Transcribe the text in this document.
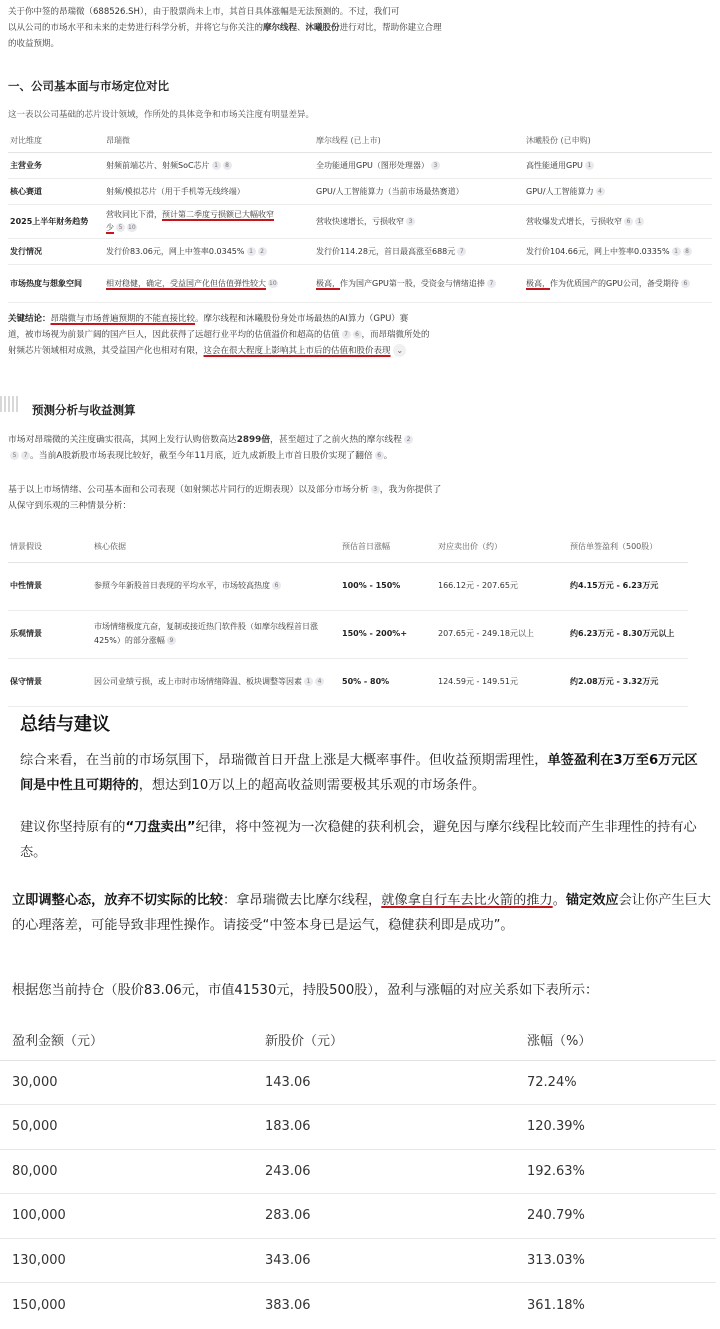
关于你中签的昂瑞微（688526.SH），由于股票尚未上市，其首日具体涨幅是无法预测的。不过，我们可
以从公司的市场水平和未来的走势进行科学分析，并将它与你关注的摩尔线程、沐曦股份进行对比，帮助你建立合理
的收益预期。

一、公司基本面与市场定位对比

这一表以公司基础的芯片设计领域，作所处的具体竞争和市场关注度有明显差异。

对比维度	昂瑞微	摩尔线程 (已上市)	沐曦股份 (已申购)
主营业务	射频前端芯片、射频SoC芯片 1 8	全功能通用GPU（图形处理器） 3	高性能通用GPU 1
核心赛道	射频/模拟芯片（用于手机等无线终端）	GPU/人工智能算力（当前市场最热赛道）	GPU/人工智能算力 4
2025上半年财务趋势	营收同比下滑，预计第二季度亏损额已大幅收窄
少 5 10	营收快速增长，亏损收窄 3	营收爆发式增长，亏损收窄 6 1
发行情况	发行价83.06元，网上中签率0.0345% 1 2	发行价114.28元，首日最高涨至688元 7	发行价104.66元，网上中签率0.0335% 1 8
市场热度与想象空间	相对稳健，确定，受益国产化但估值弹性较大 10	极高，作为国产GPU第一股，受资金与情绪追捧 7	极高，作为优质国产的GPU公司，备受期待 6

关键结论：昂瑞微与市场普遍预期的不能直接比较。摩尔线程和沐曦股份身处市场最热的AI算力（GPU）赛
道，被市场视为前景广阔的国产巨人，因此获得了远超行业平均的估值溢价和超高的估值 7 6 ，而昂瑞微所处的
射频芯片领域相对成熟，其受益国产化也相对有限，这会在很大程度上影响其上市后的估值和股价表现 ⌄

预测分析与收益测算

市场对昂瑞微的关注度确实很高，其网上发行认购倍数高达2899倍，甚至超过了之前火热的摩尔线程 2
5 7 。当前A股新股市场表现比较好，截至今年11月底，近九成新股上市首日股价实现了翻倍 6 。

基于以上市场情绪、公司基本面和公司表现（如射频芯片同行的近期表现）以及部分市场分析 3 ，我为你提供了
从保守到乐观的三种情景分析：

情景假设	核心依据	预估首日涨幅	对应卖出价（约）	预估单签盈利（500股）
中性情景	参照今年新股首日表现的平均水平，市场较高热度 6	100% - 150%	166.12元 - 207.65元	约4.15万元 - 6.23万元
乐观情景	市场情绪极度亢奋，复制或接近热门软件股（如摩尔线程首日涨425%）的部分涨幅 9	150% - 200%+	207.65元 - 249.18元以上	约6.23万元 - 8.30万元以上
保守情景	因公司业绩亏损，或上市时市场情绪降温、板块调整等因素 1 4	50% - 80%	124.59元 - 149.51元	约2.08万元 - 3.32万元
总结与建议

综合来看，在当前的市场氛围下，昂瑞微首日开盘上涨是大概率事件。但收益预期需理性，单签盈利在3万至6万元区间是中性且可期待的，想达到10万以上的超高收益则需要极其乐观的市场条件。

建议你坚持原有的“刀盘卖出”纪律，将中签视为一次稳健的获利机会，避免因与摩尔线程比较而产生非理性的持有心态。

立即调整心态，放弃不切实际的比较：拿昂瑞微去比摩尔线程，就像拿自行车去比火箭的推力。锚定效应会让你产生巨大的心理落差，可能导致非理性操作。请接受“中签本身已是运气，稳健获利即是成功”。

根据您当前持仓（股价83.06元，市值41530元，持股500股），盈利与涨幅的对应关系如下表所示：

盈利金额（元）	新股价（元）	涨幅（%）
30,000	143.06	72.24%
50,000	183.06	120.39%
80,000	243.06	192.63%
100,000	283.06	240.79%
130,000	343.06	313.03%
150,000	383.06	361.18%
